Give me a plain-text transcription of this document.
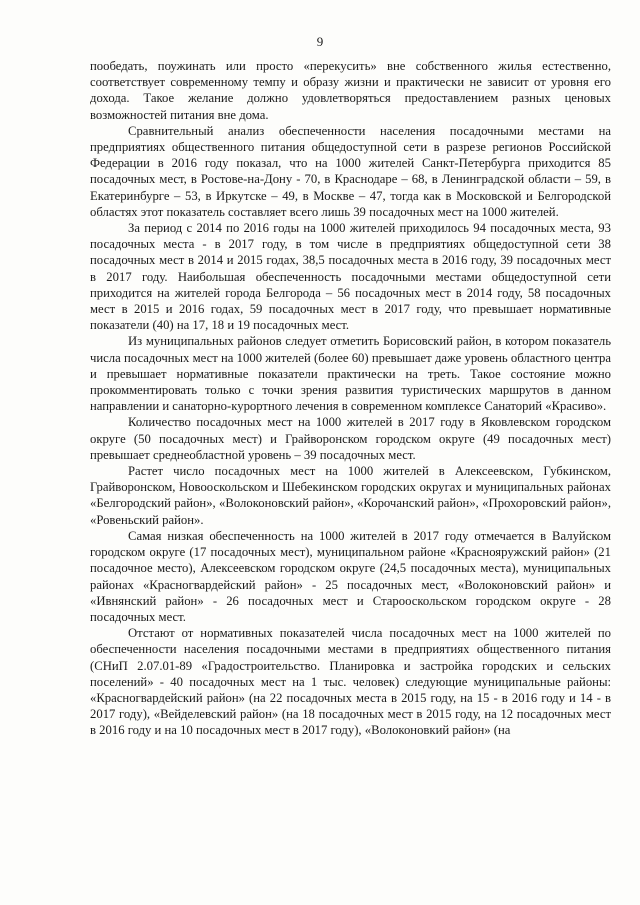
9

пообедать, поужинать или просто «перекусить» вне собственного жилья естественно, соответствует современному темпу и образу жизни и практически не зависит от уровня его дохода. Такое желание должно удовлетворяться предоставлением разных ценовых возможностей питания вне дома.

Сравнительный анализ обеспеченности населения посадочными местами на предприятиях общественного питания общедоступной сети в разрезе регионов Российской Федерации в 2016 году показал, что на 1000 жителей Санкт-Петербурга приходится 85 посадочных мест, в Ростове-на-Дону - 70, в Краснодаре – 68, в Ленинградской области – 59, в Екатеринбурге – 53, в Иркутске – 49, в Москве – 47, тогда как в Московской и Белгородской областях этот показатель составляет всего лишь 39 посадочных мест на 1000 жителей.

За период с 2014 по 2016 годы на 1000 жителей приходилось 94 посадочных места, 93 посадочных места - в 2017 году, в том числе в предприятиях общедоступной сети 38 посадочных мест в 2014 и 2015 годах, 38,5 посадочных места в 2016 году, 39 посадочных мест в 2017 году. Наибольшая обеспеченность посадочными местами общедоступной сети приходится на жителей города Белгорода – 56 посадочных мест в 2014 году, 58 посадочных мест в 2015 и 2016 годах, 59 посадочных мест в 2017 году, что превышает нормативные показатели (40) на 17, 18 и 19 посадочных мест.

Из муниципальных районов следует отметить Борисовский район, в котором показатель числа посадочных мест на 1000 жителей (более 60) превышает даже уровень областного центра и превышает нормативные показатели практически на треть. Такое состояние можно прокомментировать только с точки зрения развития туристических маршрутов в данном направлении и санаторно-курортного лечения в современном комплексе Санаторий «Красиво».

Количество посадочных мест на 1000 жителей в 2017 году в Яковлевском городском округе (50 посадочных мест) и Грайворонском городском округе (49 посадочных мест) превышает среднеобластной уровень – 39 посадочных мест.

Растет число посадочных мест на 1000 жителей в Алексеевском, Губкинском, Грайворонском, Новооскольском и Шебекинском городских округах и муниципальных районах «Белгородский район», «Волоконовский район», «Корочанский район», «Прохоровский район», «Ровеньский район».

Самая низкая обеспеченность на 1000 жителей в 2017 году отмечается в Валуйском городском округе (17 посадочных мест), муниципальном районе «Краснояружский район» (21 посадочное место), Алексеевском городском округе (24,5 посадочных места), муниципальных районах «Красногвардейский район» - 25 посадочных мест, «Волоконовский район» и «Ивнянский район» - 26 посадочных мест и Старооскольском городском округе - 28 посадочных мест.

Отстают от нормативных показателей числа посадочных мест на 1000 жителей по обеспеченности населения посадочными местами в предприятиях общественного питания (СНиП 2.07.01-89 «Градостроительство. Планировка и застройка городских и сельских поселений» - 40 посадочных мест на 1 тыс. человек) следующие муниципальные районы: «Красногвардейский район» (на 22 посадочных места в 2015 году, на 15 - в 2016 году и 14 - в 2017 году), «Вейделевский район» (на 18 посадочных мест в 2015 году, на 12 посадочных мест в 2016 году и на 10 посадочных мест в 2017 году), «Волоконовкий район» (на
